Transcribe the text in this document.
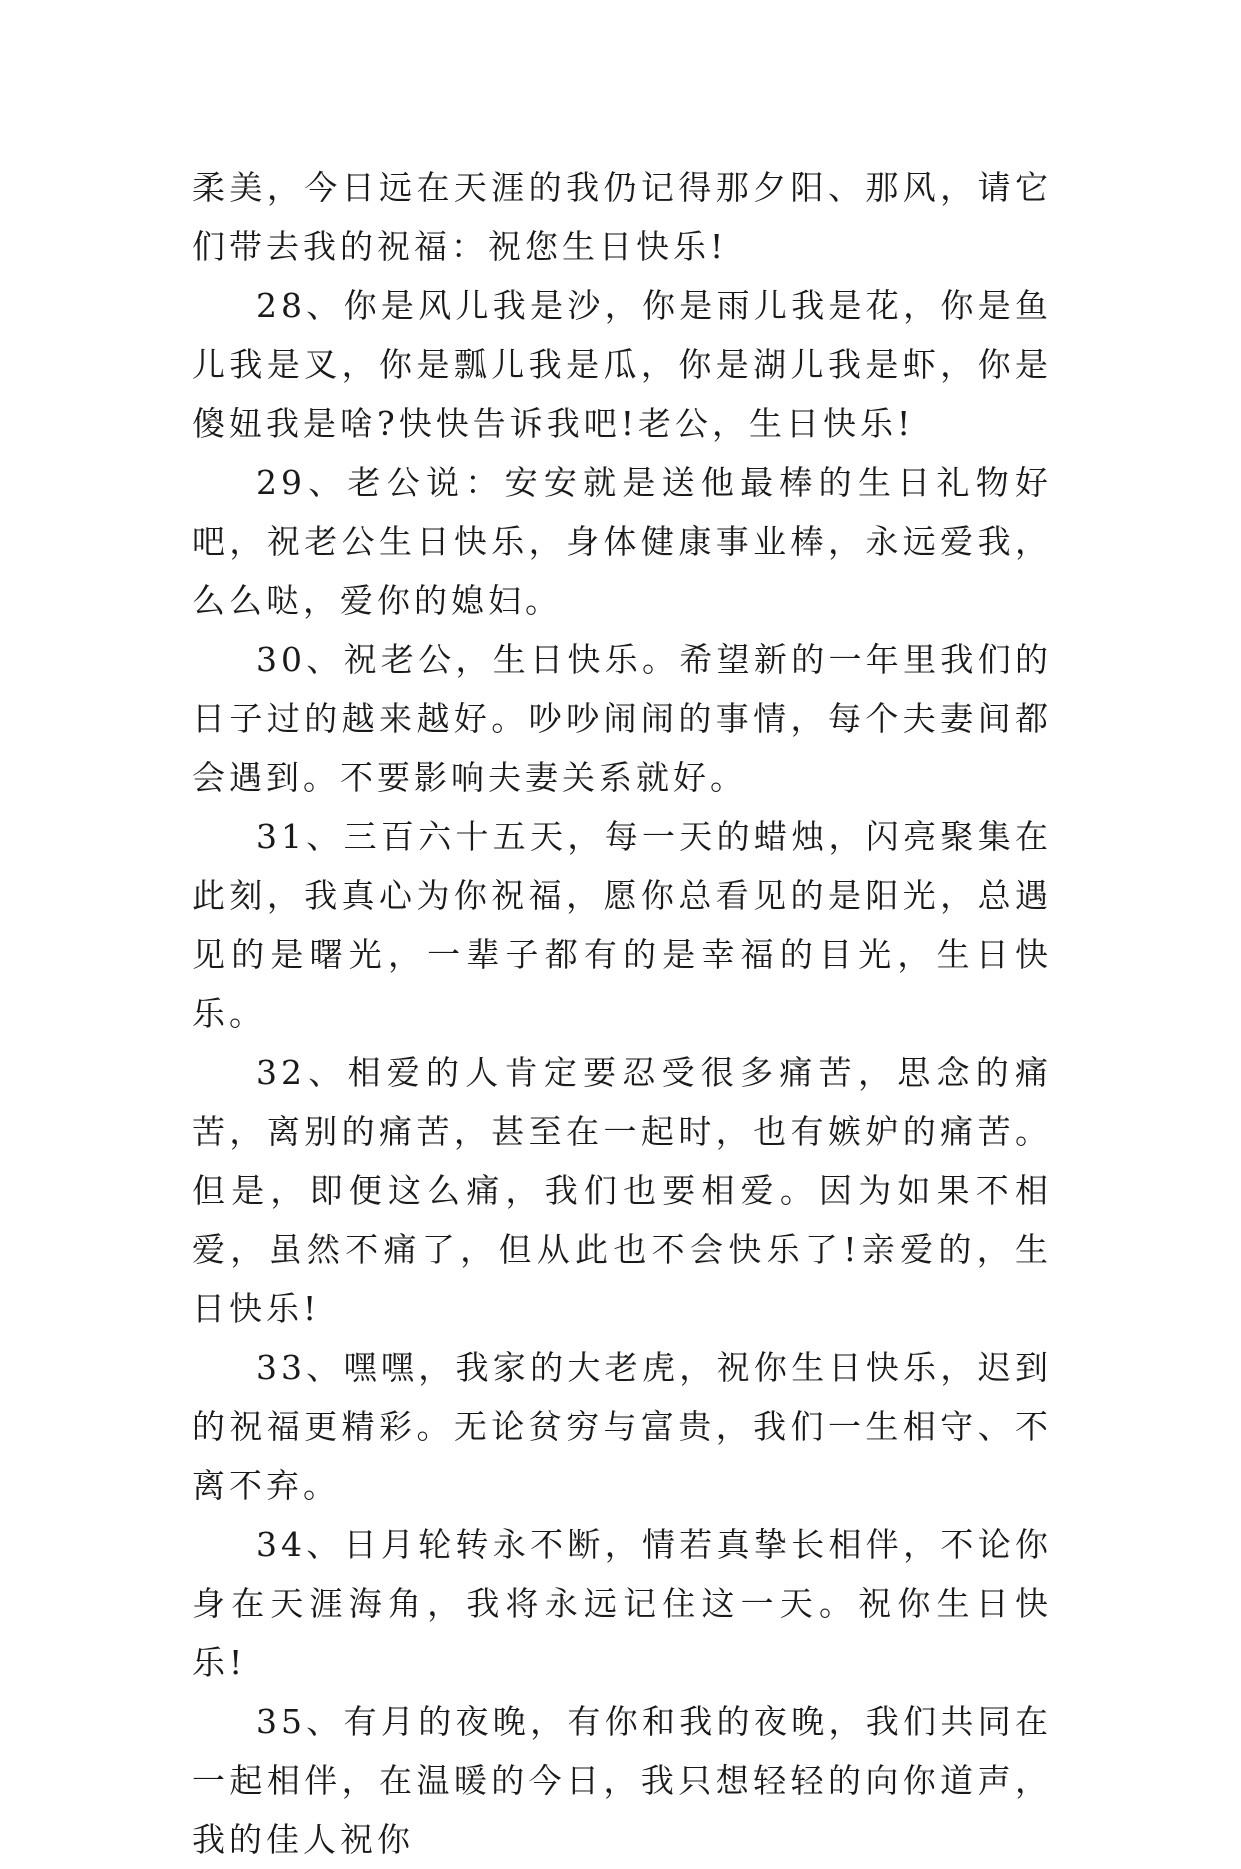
柔美，今日远在天涯的我仍记得那夕阳、那风，请它们带去我的祝福：祝您生日快乐!

28、你是风儿我是沙，你是雨儿我是花，你是鱼儿我是叉，你是瓢儿我是瓜，你是湖儿我是虾，你是傻妞我是啥?快快告诉我吧!老公，生日快乐!

29、老公说：安安就是送他最棒的生日礼物好吧，祝老公生日快乐，身体健康事业棒，永远爱我，么么哒，爱你的媳妇。

30、祝老公，生日快乐。希望新的一年里我们的日子过的越来越好。吵吵闹闹的事情，每个夫妻间都会遇到。不要影响夫妻关系就好。

31、三百六十五天，每一天的蜡烛，闪亮聚集在此刻，我真心为你祝福，愿你总看见的是阳光，总遇见的是曙光，一辈子都有的是幸福的目光，生日快乐。

32、相爱的人肯定要忍受很多痛苦，思念的痛苦，离别的痛苦，甚至在一起时，也有嫉妒的痛苦。但是，即便这么痛，我们也要相爱。因为如果不相爱，虽然不痛了，但从此也不会快乐了!亲爱的，生日快乐!

33、嘿嘿，我家的大老虎，祝你生日快乐，迟到的祝福更精彩。无论贫穷与富贵，我们一生相守、不离不弃。

34、日月轮转永不断，情若真挚长相伴，不论你身在天涯海角，我将永远记住这一天。祝你生日快乐!

35、有月的夜晚，有你和我的夜晚，我们共同在一起相伴，在温暖的今日，我只想轻轻的向你道声，我的佳人祝你
